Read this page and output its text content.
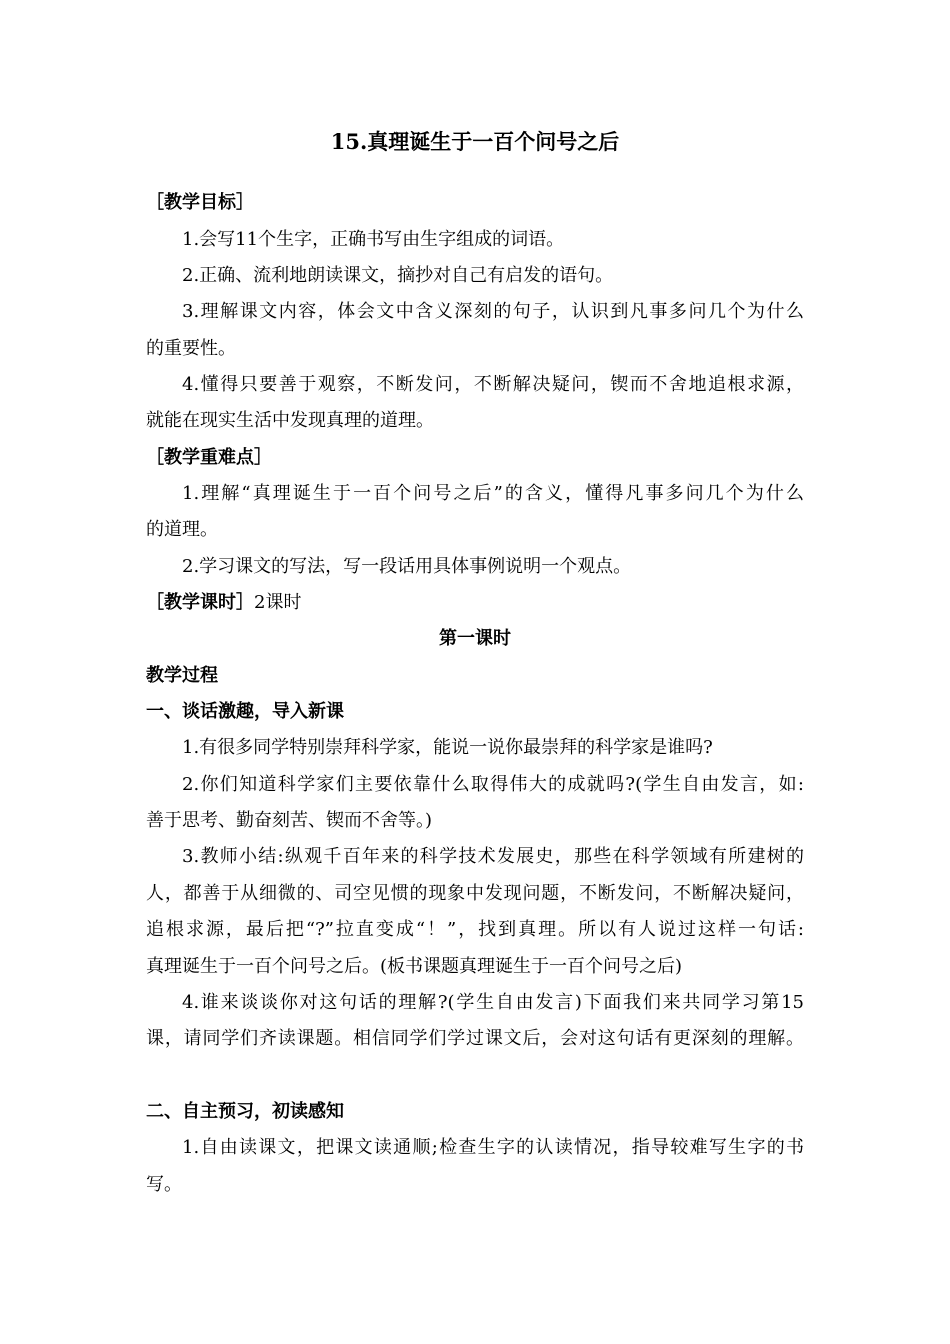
15.真理诞生于一百个问号之后
［教学目标］
1.会写11个生字，正确书写由生字组成的词语。
2.正确、流利地朗读课文，摘抄对自己有启发的语句。
3.理解课文内容，体会文中含义深刻的句子，认识到凡事多问几个为什么
的重要性。
4.懂得只要善于观察，不断发问，不断解决疑问，锲而不舍地追根求源，
就能在现实生活中发现真理的道理。
［教学重难点］
1.理解“真理诞生于一百个问号之后”的含义，懂得凡事多问几个为什么
的道理。
2.学习课文的写法，写一段话用具体事例说明一个观点。
［教学课时］2课时
第一课时
教学过程
一、谈话激趣，导入新课
1.有很多同学特别崇拜科学家，能说一说你最崇拜的科学家是谁吗?
2.你们知道科学家们主要依靠什么取得伟大的成就吗?(学生自由发言，如:
善于思考、勤奋刻苦、锲而不舍等。)
3.教师小结:纵观千百年来的科学技术发展史，那些在科学领域有所建树的
人，都善于从细微的、司空见惯的现象中发现问题，不断发问，不断解决疑问，
追根求源，最后把“?”拉直变成“！”，找到真理。所以有人说过这样一句话:
真理诞生于一百个问号之后。(板书课题真理诞生于一百个问号之后)
4.谁来谈谈你对这句话的理解?(学生自由发言)下面我们来共同学习第15
课，请同学们齐读课题。相信同学们学过课文后，会对这句话有更深刻的理解。
二、自主预习，初读感知
1.自由读课文，把课文读通顺;检查生字的认读情况，指导较难写生字的书
写。
